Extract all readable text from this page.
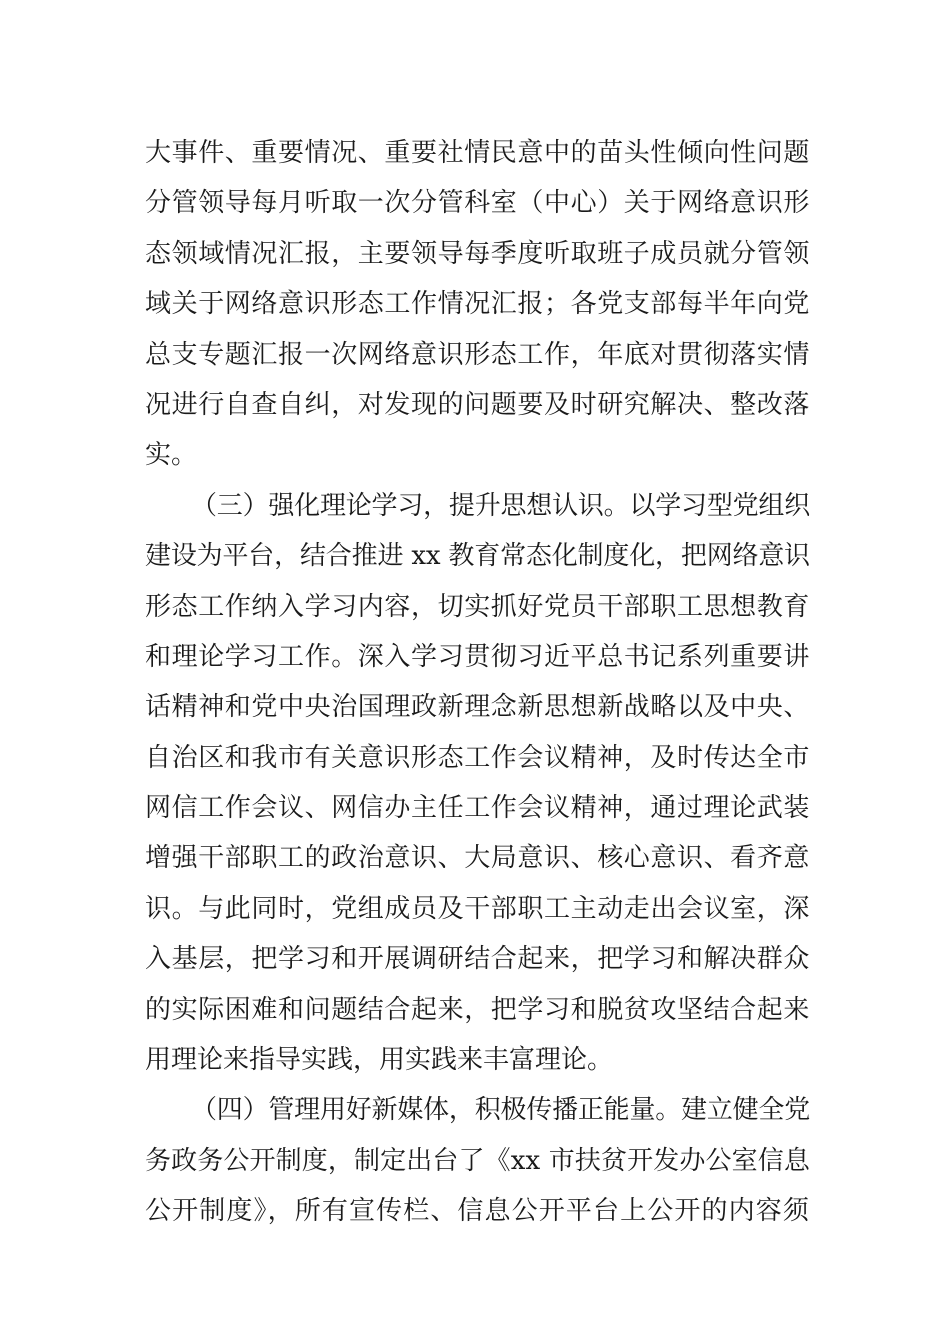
大事件、重要情况、重要社情民意中的苗头性倾向性问题
分管领导每月听取一次分管科室（中心）关于网络意识形
态领域情况汇报，主要领导每季度听取班子成员就分管领
域关于网络意识形态工作情况汇报；各党支部每半年向党
总支专题汇报一次网络意识形态工作，年底对贯彻落实情
况进行自查自纠，对发现的问题要及时研究解决、整改落
实。
（三）强化理论学习，提升思想认识。以学习型党组织
建设为平台，结合推进 xx 教育常态化制度化，把网络意识
形态工作纳入学习内容，切实抓好党员干部职工思想教育
和理论学习工作。深入学习贯彻习近平总书记系列重要讲
话精神和党中央治国理政新理念新思想新战略以及中央、
自治区和我市有关意识形态工作会议精神，及时传达全市
网信工作会议、网信办主任工作会议精神，通过理论武装
增强干部职工的政治意识、大局意识、核心意识、看齐意
识。与此同时，党组成员及干部职工主动走出会议室，深
入基层，把学习和开展调研结合起来，把学习和解决群众
的实际困难和问题结合起来，把学习和脱贫攻坚结合起来
用理论来指导实践，用实践来丰富理论。
（四）管理用好新媒体，积极传播正能量。建立健全党
务政务公开制度，制定出台了《xx 市扶贫开发办公室信息
公开制度》，所有宣传栏、信息公开平台上公开的内容须
